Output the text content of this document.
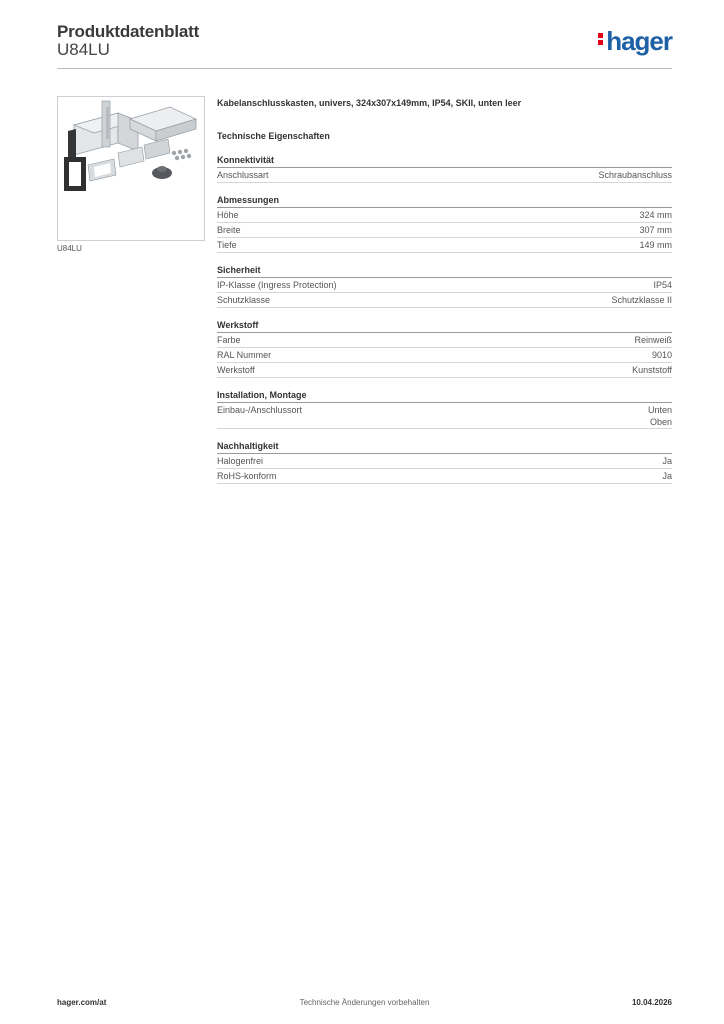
Produktdatenblatt
U84LU	hager
U84LU
Kabelanschlusskasten, univers, 324x307x149mm, IP54, SKII, unten leer
Technische Eigenschaften
Konnektivität
Anschlussart	Schraubanschluss
Abmessungen
Höhe	324 mm
Breite	307 mm
Tiefe	149 mm
Sicherheit
IP-Klasse (Ingress Protection)	IP54
Schutzklasse	Schutzklasse II
Werkstoff
Farbe	Reinweiß
RAL Nummer	9010
Werkstoff	Kunststoff
Installation, Montage
Einbau-/Anschlussort	Unten
Oben
Nachhaltigkeit
Halogenfrei	Ja
RoHS-konform	Ja
hager.com/at	Technische Änderungen vorbehalten	10.04.2026
